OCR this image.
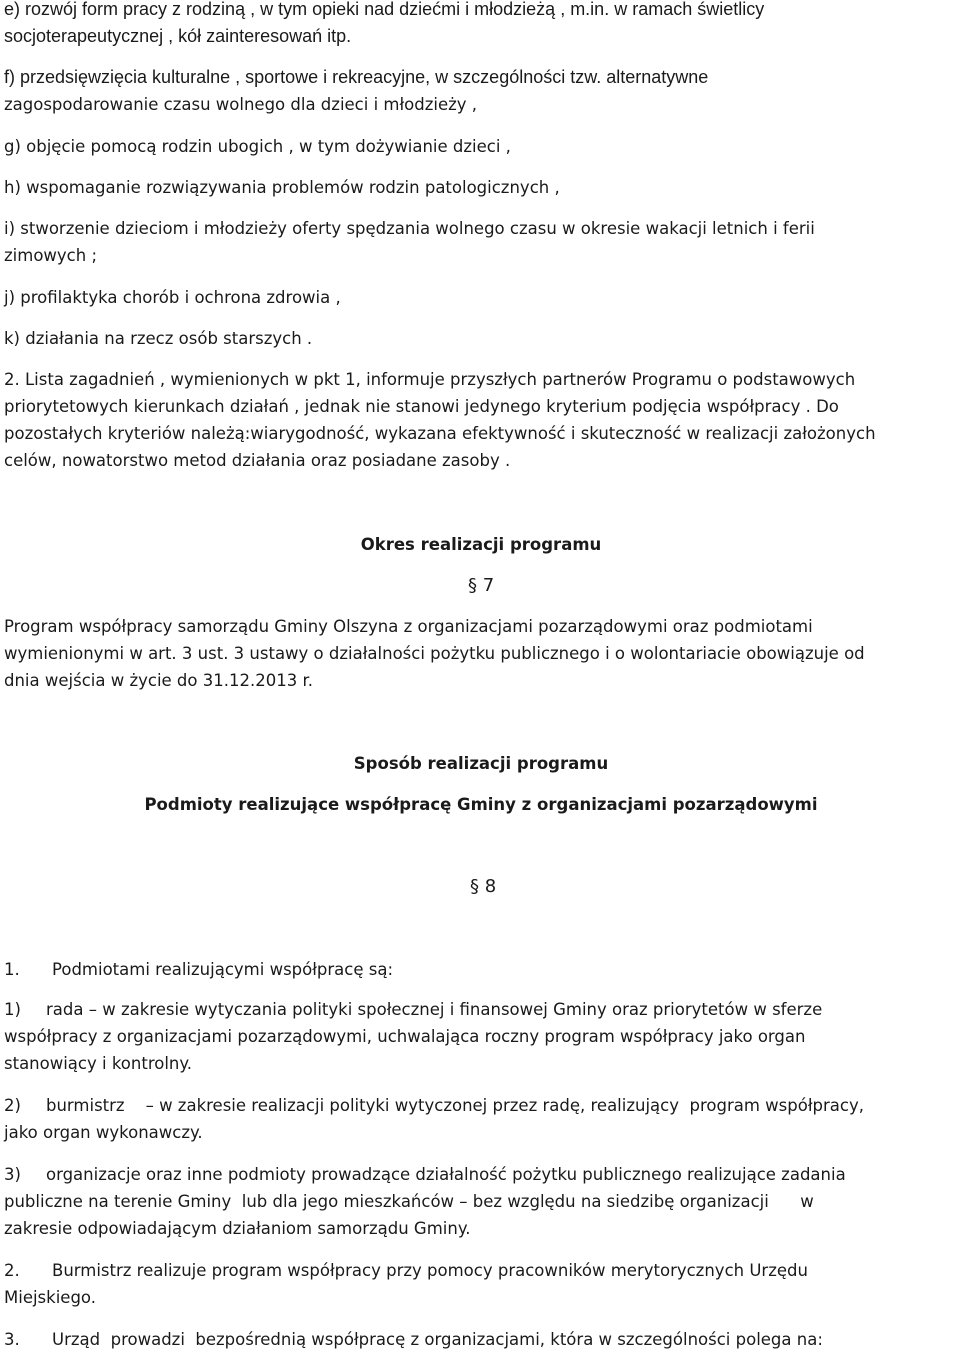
e) rozwój form pracy z rodziną , w tym opieki nad dziećmi i młodzieżą , m.in. w ramach świetlicy
socjoterapeutycznej , kół zainteresowań itp.
f) przedsięwzięcia kulturalne , sportowe i rekreacyjne, w szczególności tzw. alternatywne
zagospodarowanie czasu wolnego dla dzieci i młodzieży ,
g) objęcie pomocą rodzin ubogich , w tym dożywianie dzieci ,
h) wspomaganie rozwiązywania problemów rodzin patologicznych ,
i) stworzenie dzieciom i młodzieży oferty spędzania wolnego czasu w okresie wakacji letnich i ferii
zimowych ;
j) profilaktyka chorób i ochrona zdrowia ,
k) działania na rzecz osób starszych .
2. Lista zagadnień , wymienionych w pkt 1, informuje przyszłych partnerów Programu o podstawowych
priorytetowych kierunkach działań , jednak nie stanowi jedynego kryterium podjęcia współpracy . Do
pozostałych kryteriów należą:wiarygodność, wykazana efektywność i skuteczność w realizacji założonych
celów, nowatorstwo metod działania oraz posiadane zasoby .
Okres realizacji programu
§ 7
Program współpracy samorządu Gminy Olszyna z organizacjami pozarządowymi oraz podmiotami
wymienionymi w art. 3 ust. 3 ustawy o działalności pożytku publicznego i o wolontariacie obowiązuje od
dnia wejścia w życie do 31.12.2013 r.
Sposób realizacji programu
Podmioty realizujące współpracę Gminy z organizacjami pozarządowymi
§ 8
1. Podmiotami realizującymi współpracę są:
1) rada – w zakresie wytyczania polityki społecznej i finansowej Gminy oraz priorytetów w sferze
współpracy z organizacjami pozarządowymi, uchwalająca roczny program współpracy jako organ
stanowiący i kontrolny.
2) burmistrz    – w zakresie realizacji polityki wytyczonej przez radę, realizujący  program współpracy,
jako organ wykonawczy.
3) organizacje oraz inne podmioty prowadzące działalność pożytku publicznego realizujące zadania
publiczne na terenie Gminy  lub dla jego mieszkańców – bez względu na siedzibę organizacji      w
zakresie odpowiadającym działaniom samorządu Gminy.
2. Burmistrz realizuje program współpracy przy pomocy pracowników merytorycznych Urzędu
Miejskiego.
3. Urząd  prowadzi  bezpośrednią współpracę z organizacjami, która w szczególności polega na:
